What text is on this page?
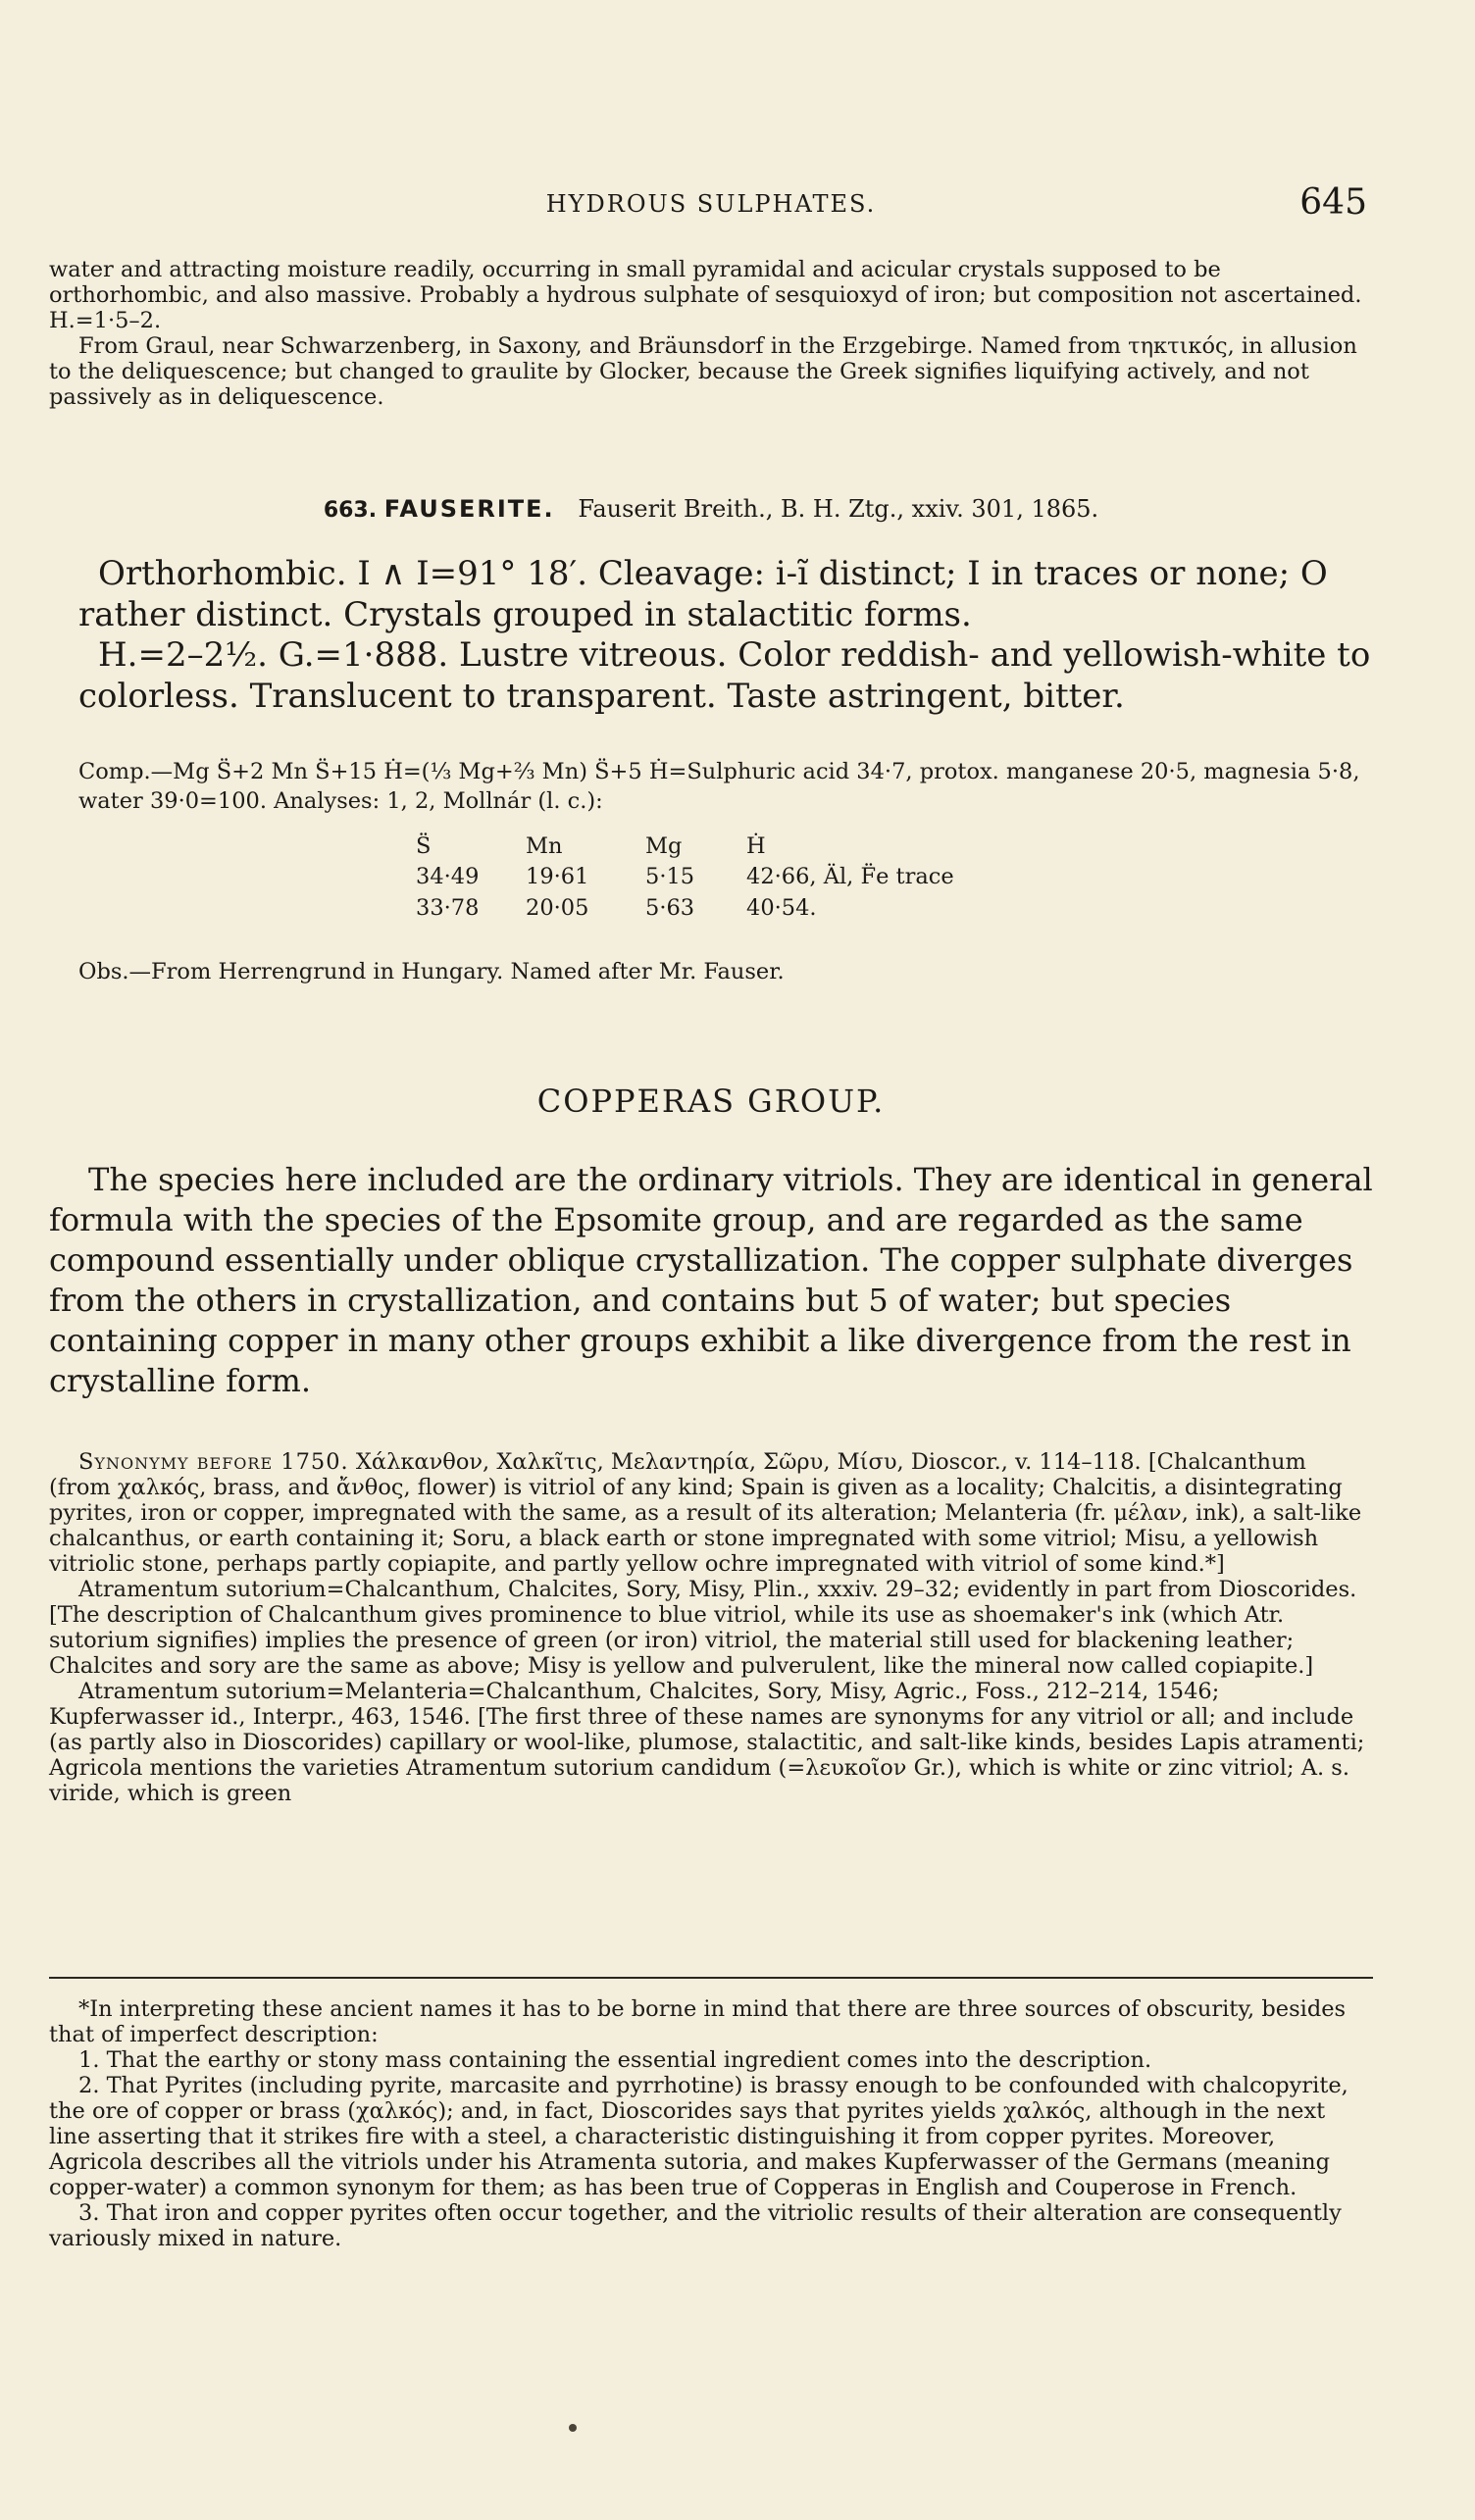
HYDROUS SULPHATES.	645

water and attracting moisture readily, occurring in small pyramidal and acicular crystals supposed to be orthorhombic, and also massive. Probably a hydrous sulphate of sesquioxyd of iron; but composition not ascertained. H.=1·5–2.

From Graul, near Schwarzenberg, in Saxony, and Bräunsdorf in the Erzgebirge. Named from τηκτικός, in allusion to the deliquescence; but changed to graulite by Glocker, because the Greek signifies liquifying actively, and not passively as in deliquescence.

663. FAUSERITE. Fauserit Breith., B. H. Ztg., xxiv. 301, 1865.

Orthorhombic. I ∧ I=91° 18′. Cleavage: i-ĩ distinct; I in traces or none; O rather distinct. Crystals grouped in stalactitic forms.

H.=2–2½. G.=1·888. Lustre vitreous. Color reddish- and yellowish-white to colorless. Translucent to transparent. Taste astringent, bitter.

Comp.—Mg S̈+2 Mn S̈+15 Ḣ=(⅓ Mg+⅔ Mn) S̈+5 Ḣ=Sulphuric acid 34·7, protox. manganese 20·5, magnesia 5·8, water 39·0=100. Analyses: 1, 2, Mollnár (l. c.):

S̈	Mn	Mg	Ḣ
34·49	19·61	5·15	42·66, Äl, F̈e trace
33·78	20·05	5·63	40·54.

Obs.—From Herrengrund in Hungary. Named after Mr. Fauser.

COPPERAS GROUP.

The species here included are the ordinary vitriols. They are identical in general formula with the species of the Epsomite group, and are regarded as the same compound essentially under oblique crystallization. The copper sulphate diverges from the others in crystallization, and contains but 5 of water; but species containing copper in many other groups exhibit a like divergence from the rest in crystalline form.

Synonymy before 1750. Χάλκανθον, Χαλκῖτις, Μελαντηρία, Σῶρυ, Μίσυ, Dioscor., v. 114–118. [Chalcanthum (from χαλκός, brass, and ἄνθος, flower) is vitriol of any kind; Spain is given as a locality; Chalcitis, a disintegrating pyrites, iron or copper, impregnated with the same, as a result of its alteration; Melanteria (fr. μέλαν, ink), a salt-like chalcanthus, or earth containing it; Soru, a black earth or stone impregnated with some vitriol; Misu, a yellowish vitriolic stone, perhaps partly copiapite, and partly yellow ochre impregnated with vitriol of some kind.*]

Atramentum sutorium=Chalcanthum, Chalcites, Sory, Misy, Plin., xxxiv. 29–32; evidently in part from Dioscorides. [The description of Chalcanthum gives prominence to blue vitriol, while its use as shoemaker's ink (which Atr. sutorium signifies) implies the presence of green (or iron) vitriol, the material still used for blackening leather; Chalcites and sory are the same as above; Misy is yellow and pulverulent, like the mineral now called copiapite.]

Atramentum sutorium=Melanteria=Chalcanthum, Chalcites, Sory, Misy, Agric., Foss., 212–214, 1546; Kupferwasser id., Interpr., 463, 1546. [The first three of these names are synonyms for any vitriol or all; and include (as partly also in Dioscorides) capillary or wool-like, plumose, stalactitic, and salt-like kinds, besides Lapis atramenti; Agricola mentions the varieties Atramentum sutorium candidum (=λευκοῖον Gr.), which is white or zinc vitriol; A. s. viride, which is green

*In interpreting these ancient names it has to be borne in mind that there are three sources of obscurity, besides that of imperfect description:

1. That the earthy or stony mass containing the essential ingredient comes into the description.

2. That Pyrites (including pyrite, marcasite and pyrrhotine) is brassy enough to be confounded with chalcopyrite, the ore of copper or brass (χαλκός); and, in fact, Dioscorides says that pyrites yields χαλκός, although in the next line asserting that it strikes fire with a steel, a characteristic distinguishing it from copper pyrites. Moreover, Agricola describes all the vitriols under his Atramenta sutoria, and makes Kupferwasser of the Germans (meaning copper-water) a common synonym for them; as has been true of Copperas in English and Couperose in French.

3. That iron and copper pyrites often occur together, and the vitriolic results of their alteration are consequently variously mixed in nature.
